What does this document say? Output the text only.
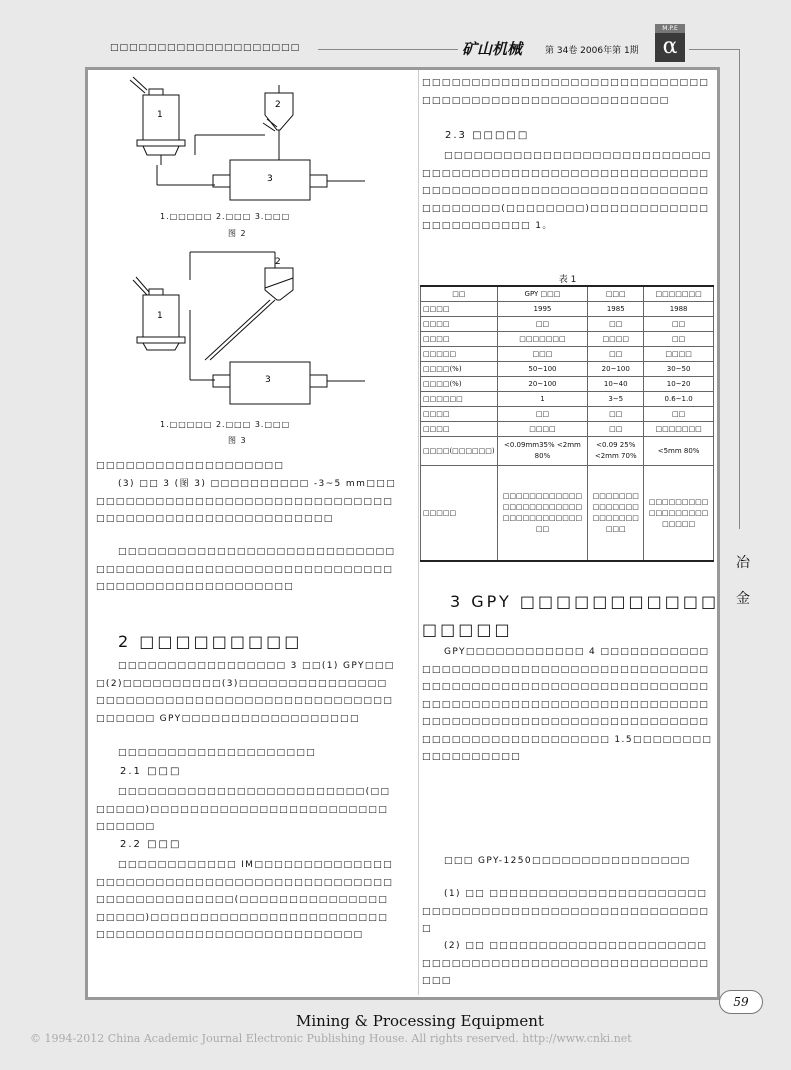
□□□□□□□□□□□□□□□□□□□□	矿山机械	第 34卷 2006年第 1期
M.P.E
α
冶金
1
2
3
1.□□□□□ 2.□□□ 3.□□□
图 2
1
2
3
1.□□□□□ 2.□□□ 3.□□□
图 3
□□□□□□□□□□□□□□□□□□□
(3) □□ 3 (图 3) □□□□□□□□□□ -3~5 mm□□□□□□□□□□□□□□□□□□□□□□□□□□□□□□□□□□□□□□□□□□□□□□□□□□□□□□□□□
□□□□□□□□□□□□□□□□□□□□□□□□□□□□□□□□□□□□□□□□□□□□□□□□□□□□□□□□□□□□□□□□□□□□□□□□□□□□□□
2 □□□□□□□□□
□□□□□□□□□□□□□□□□□ 3 □□(1) GPY□□□□(2)□□□□□□□□□□(3)□□□□□□□□□□□□□□□□□□□□□□□□□□□□□□□□□□□□□□□□□□□□□□□□□□□ GPY□□□□□□□□□□□□□□□□□□
□□□□□□□□□□□□□□□□□□□□
2.1 □□□
□□□□□□□□□□□□□□□□□□□□□□□□□(□□□□□□□)□□□□□□□□□□□□□□□□□□□□□□□□□□□□□□
2.2 □□□
□□□□□□□□□□□□ IM□□□□□□□□□□□□□□□□□□□□□□□□□□□□□□□□□□□□□□□□□□□□□□□□□□□□□□□□□□(□□□□□□□□□□□□□□□□□□□□)□□□□□□□□□□□□□□□□□□□□□□□□□□□□□□□□□□□□□□□□□□□□□□□□□□□
□□□□□□□□□□□□□□□□□□□□□□□□□□□□□□□□□□□□□□□□□□□□□□□□□□□□□□
2.3 □□□□□
□□□□□□□□□□□□□□□□□□□□□□□□□□□□□□□□□□□□□□□□□□□□□□□□□□□□□□□□□□□□□□□□□□□□□□□□□□□□□□□□□□□□□□□□□□□□□(□□□□□□□□)□□□□□□□□□□□□□□□□□□□□□□□ 1。
表 1
□□	GPY □□□	□□□	□□□□□□□
□□□□	1995	1985	1988
□□□□	□□	□□	□□
□□□□	□□□□□□□	□□□□	□□
□□□□□	□□□	□□	□□□□
□□□□(%)	50~100	20~100	30~50
□□□□(%)	20~100	10~40	10~20
□□□□□□	1	3~5	0.6~1.0
□□□□	□□	□□	□□
□□□□	□□□□	□□	□□□□□□□
□□□□(□□□□□□)	<0.09mm35% <2mm 80%	<0.09 25% <2mm 70%	<5mm 80%
□□□□□	□□□□□□□□□□□□□□□□□□□□□□□□□□□□□□□□□□□□□□	□□□□□□□□□□□□□□□□□□□□□□□□	□□□□□□□□□□□□□□□□□□□□□□□
3 GPY □□□□□□□□□□□
□□□□□
GPY□□□□□□□□□□□□ 4 □□□□□□□□□□□□□□□□□□□□□□□□□□□□□□□□□□□□□□□□□□□□□□□□□□□□□□□□□□□□□□□□□□□□□□□□□□□□□□□□□□□□□□□□□□□□□□□□□□□□□□□□□□□□□□□□□□□□□□□□□□□□□□□□□□□□□□□□□□□□□□□□□□ 1.5□□□□□□□□□□□□□□□□□□
□□□ GPY-1250□□□□□□□□□□□□□□□□
(1) □□ □□□□□□□□□□□□□□□□□□□□□□□□□□□□□□□□□□□□□□□□□□□□□□□□□□□□
(2) □□ □□□□□□□□□□□□□□□□□□□□□□□□□□□□□□□□□□□□□□□□□□□□□□□□□□□□□□
59
Mining & Processing Equipment
© 1994-2012 China Academic Journal Electronic Publishing House. All rights reserved. http://www.cnki.net
